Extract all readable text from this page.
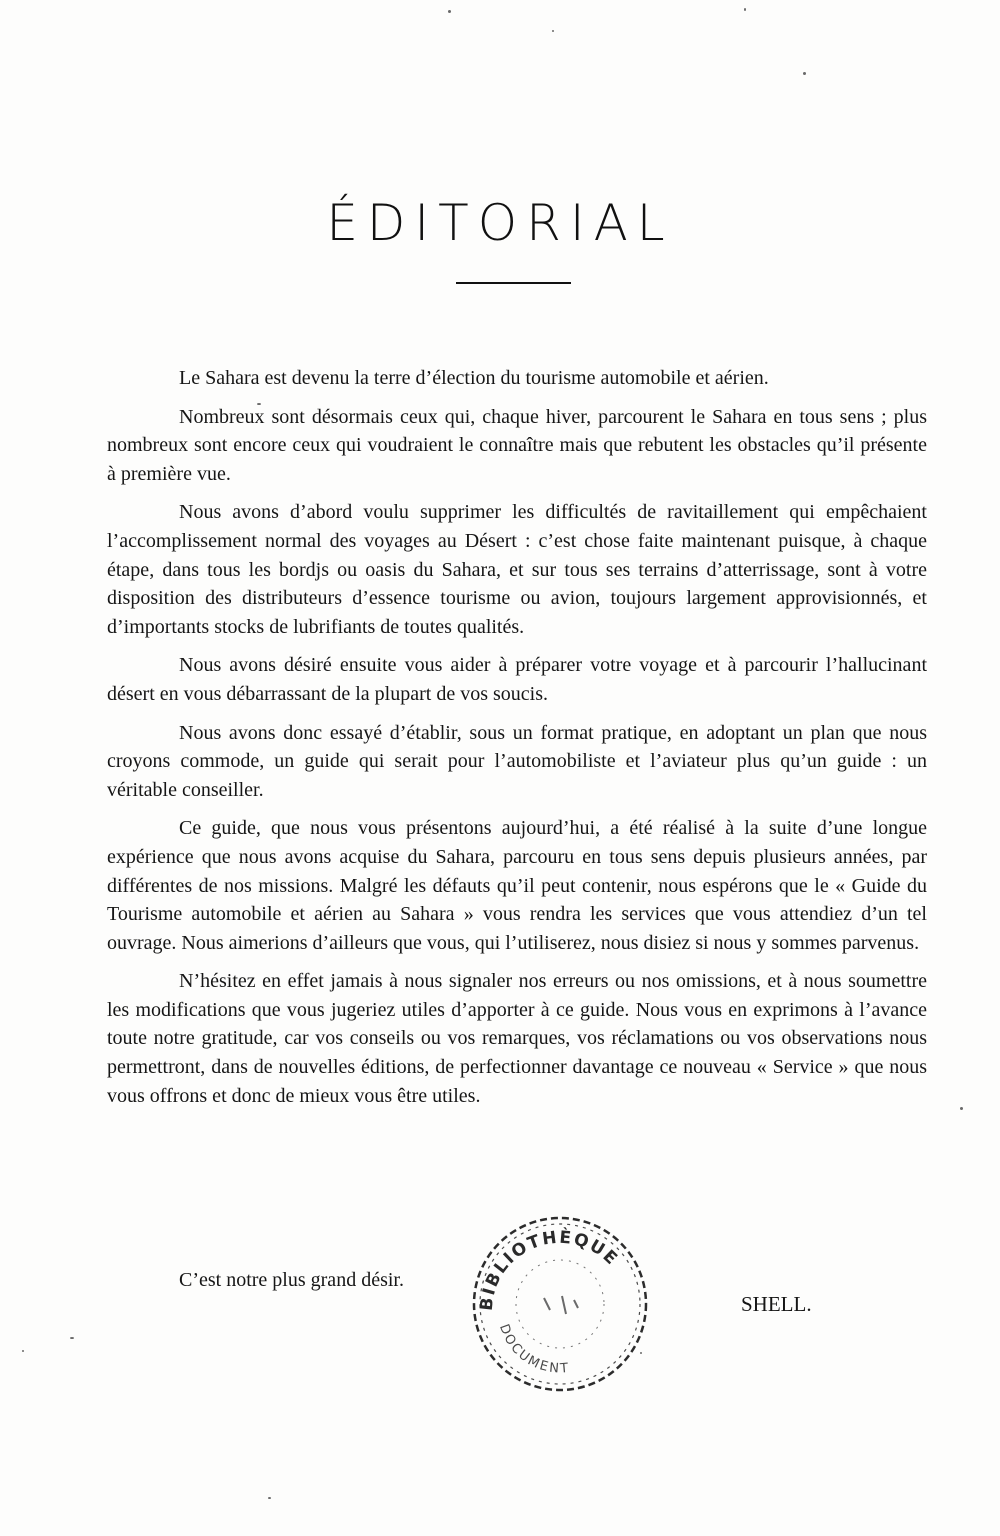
ÉDITORIAL

Le Sahara est devenu la terre d’élection du tourisme automobile et aérien.

Nombreux sont désormais ceux qui, chaque hiver, parcourent le Sahara en tous sens ; plus nombreux sont encore ceux qui voudraient le connaître mais que rebutent les obstacles qu’il présente à première vue.

Nous avons d’abord voulu supprimer les difficultés de ravitaillement qui empêchaient l’accomplissement normal des voyages au Désert : c’est chose faite maintenant puisque, à chaque étape, dans tous les bordjs ou oasis du Sahara, et sur tous ses terrains d’atterrissage, sont à votre disposition des distributeurs d’essence tourisme ou avion, toujours largement approvisionnés, et d’importants stocks de lubrifiants de toutes qualités.

Nous avons désiré ensuite vous aider à préparer votre voyage et à parcourir l’hallucinant désert en vous débarrassant de la plupart de vos soucis.

Nous avons donc essayé d’établir, sous un format pratique, en adoptant un plan que nous croyons commode, un guide qui serait pour l’automobiliste et l’aviateur plus qu’un guide : un véritable conseiller.

Ce guide, que nous vous présentons aujourd’hui, a été réalisé à la suite d’une longue expérience que nous avons acquise du Sahara, parcouru en tous sens depuis plusieurs années, par différentes de nos missions. Malgré les défauts qu’il peut contenir, nous espérons que le « Guide du Tourisme automobile et aérien au Sahara » vous rendra les services que vous attendiez d’un tel ouvrage. Nous aimerions d’ailleurs que vous, qui l’utiliserez, nous disiez si nous y sommes parvenus.

N’hésitez en effet jamais à nous signaler nos erreurs ou nos omissions, et à nous soumettre les modifications que vous jugeriez utiles d’apporter à ce guide. Nous vous en exprimons à l’avance toute notre gratitude, car vos conseils ou vos remarques, vos réclamations ou vos observations nous permettront, dans de nouvelles éditions, de perfectionner davantage ce nouveau « Service » que nous vous offrons et donc de mieux vous être utiles.

C’est notre plus grand désir.
SHELL.
BIBLIOTHÈQUE
DOCUMENT
